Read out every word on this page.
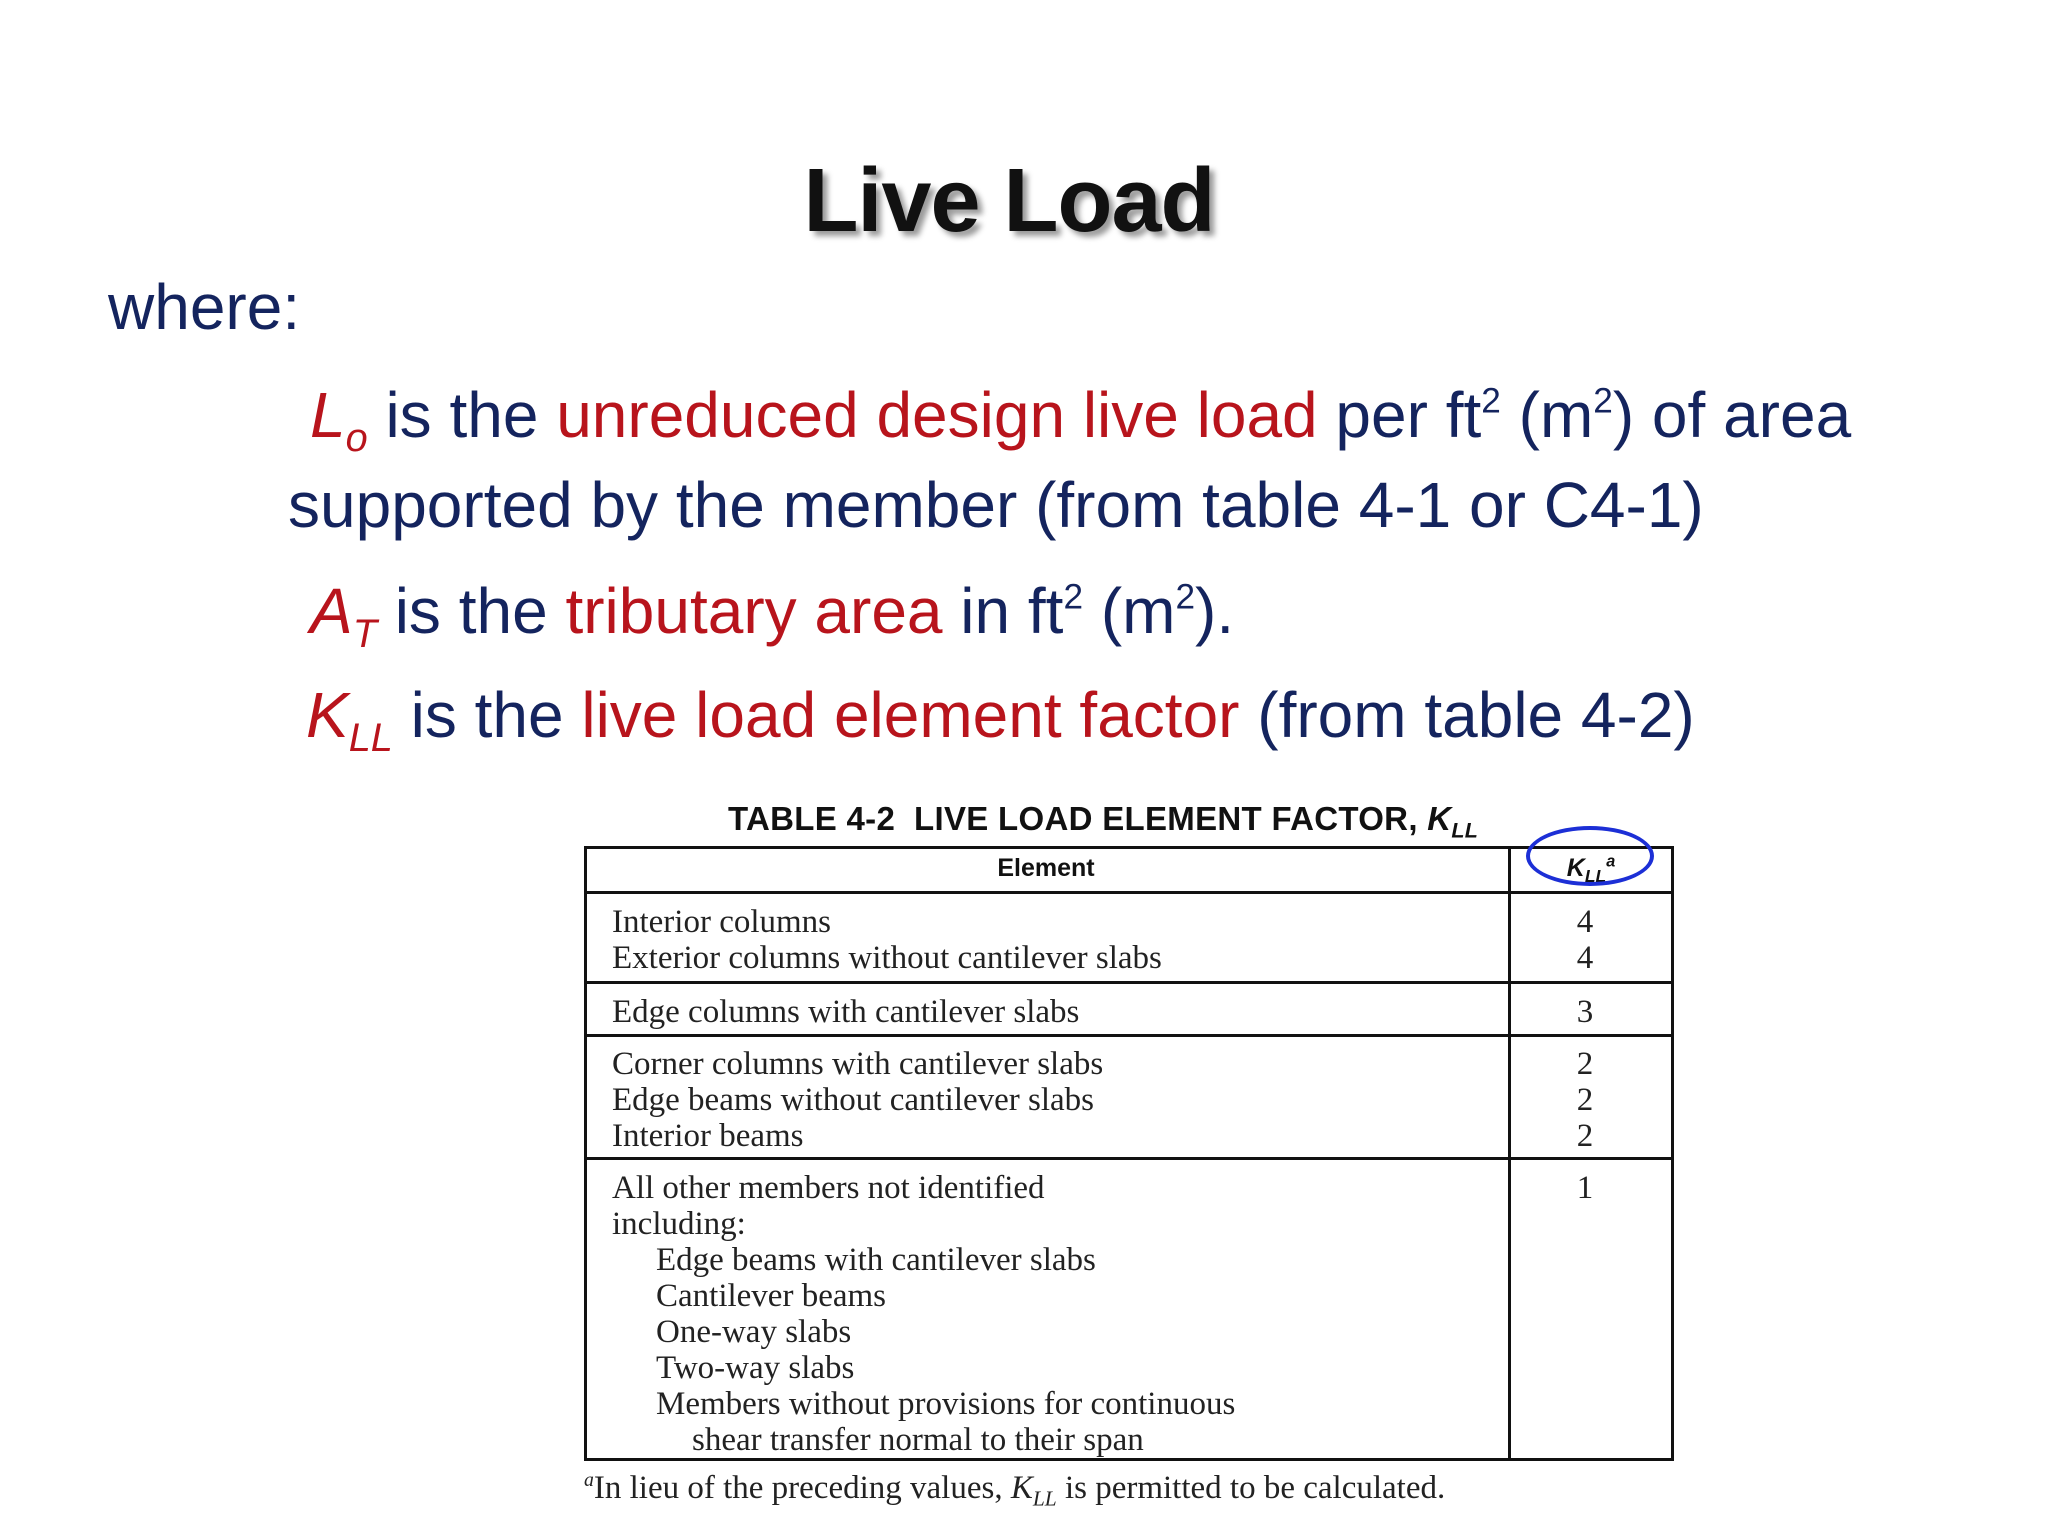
Live Load
where:
$L_o$ is the unreduced design live load per $ft^2$ $(m^2)$ of area
supported by the member (from table 4-1 or C4-1)
$A_T$ is the tributary area in $ft^2$ $(m^2)$.
$K_{LL}$ is the live load element factor (from table 4-2)
TABLE 4-2  LIVE LOAD ELEMENT FACTOR, $K_{LL}$
Element	$K_{LL}^a$
Interior columns
Exterior columns without cantilever slabs
4
4
Edge columns with cantilever slabs	3
Corner columns with cantilever slabs
Edge beams without cantilever slabs
Interior beams
2
2
2
All other members not identified
including:
Edge beams with cantilever slabs
Cantilever beams
One-way slabs
Two-way slabs
Members without provisions for continuous
shear transfer normal to their span
1
$^a$In lieu of the preceding values, $K_{LL}$ is permitted to be calculated.
